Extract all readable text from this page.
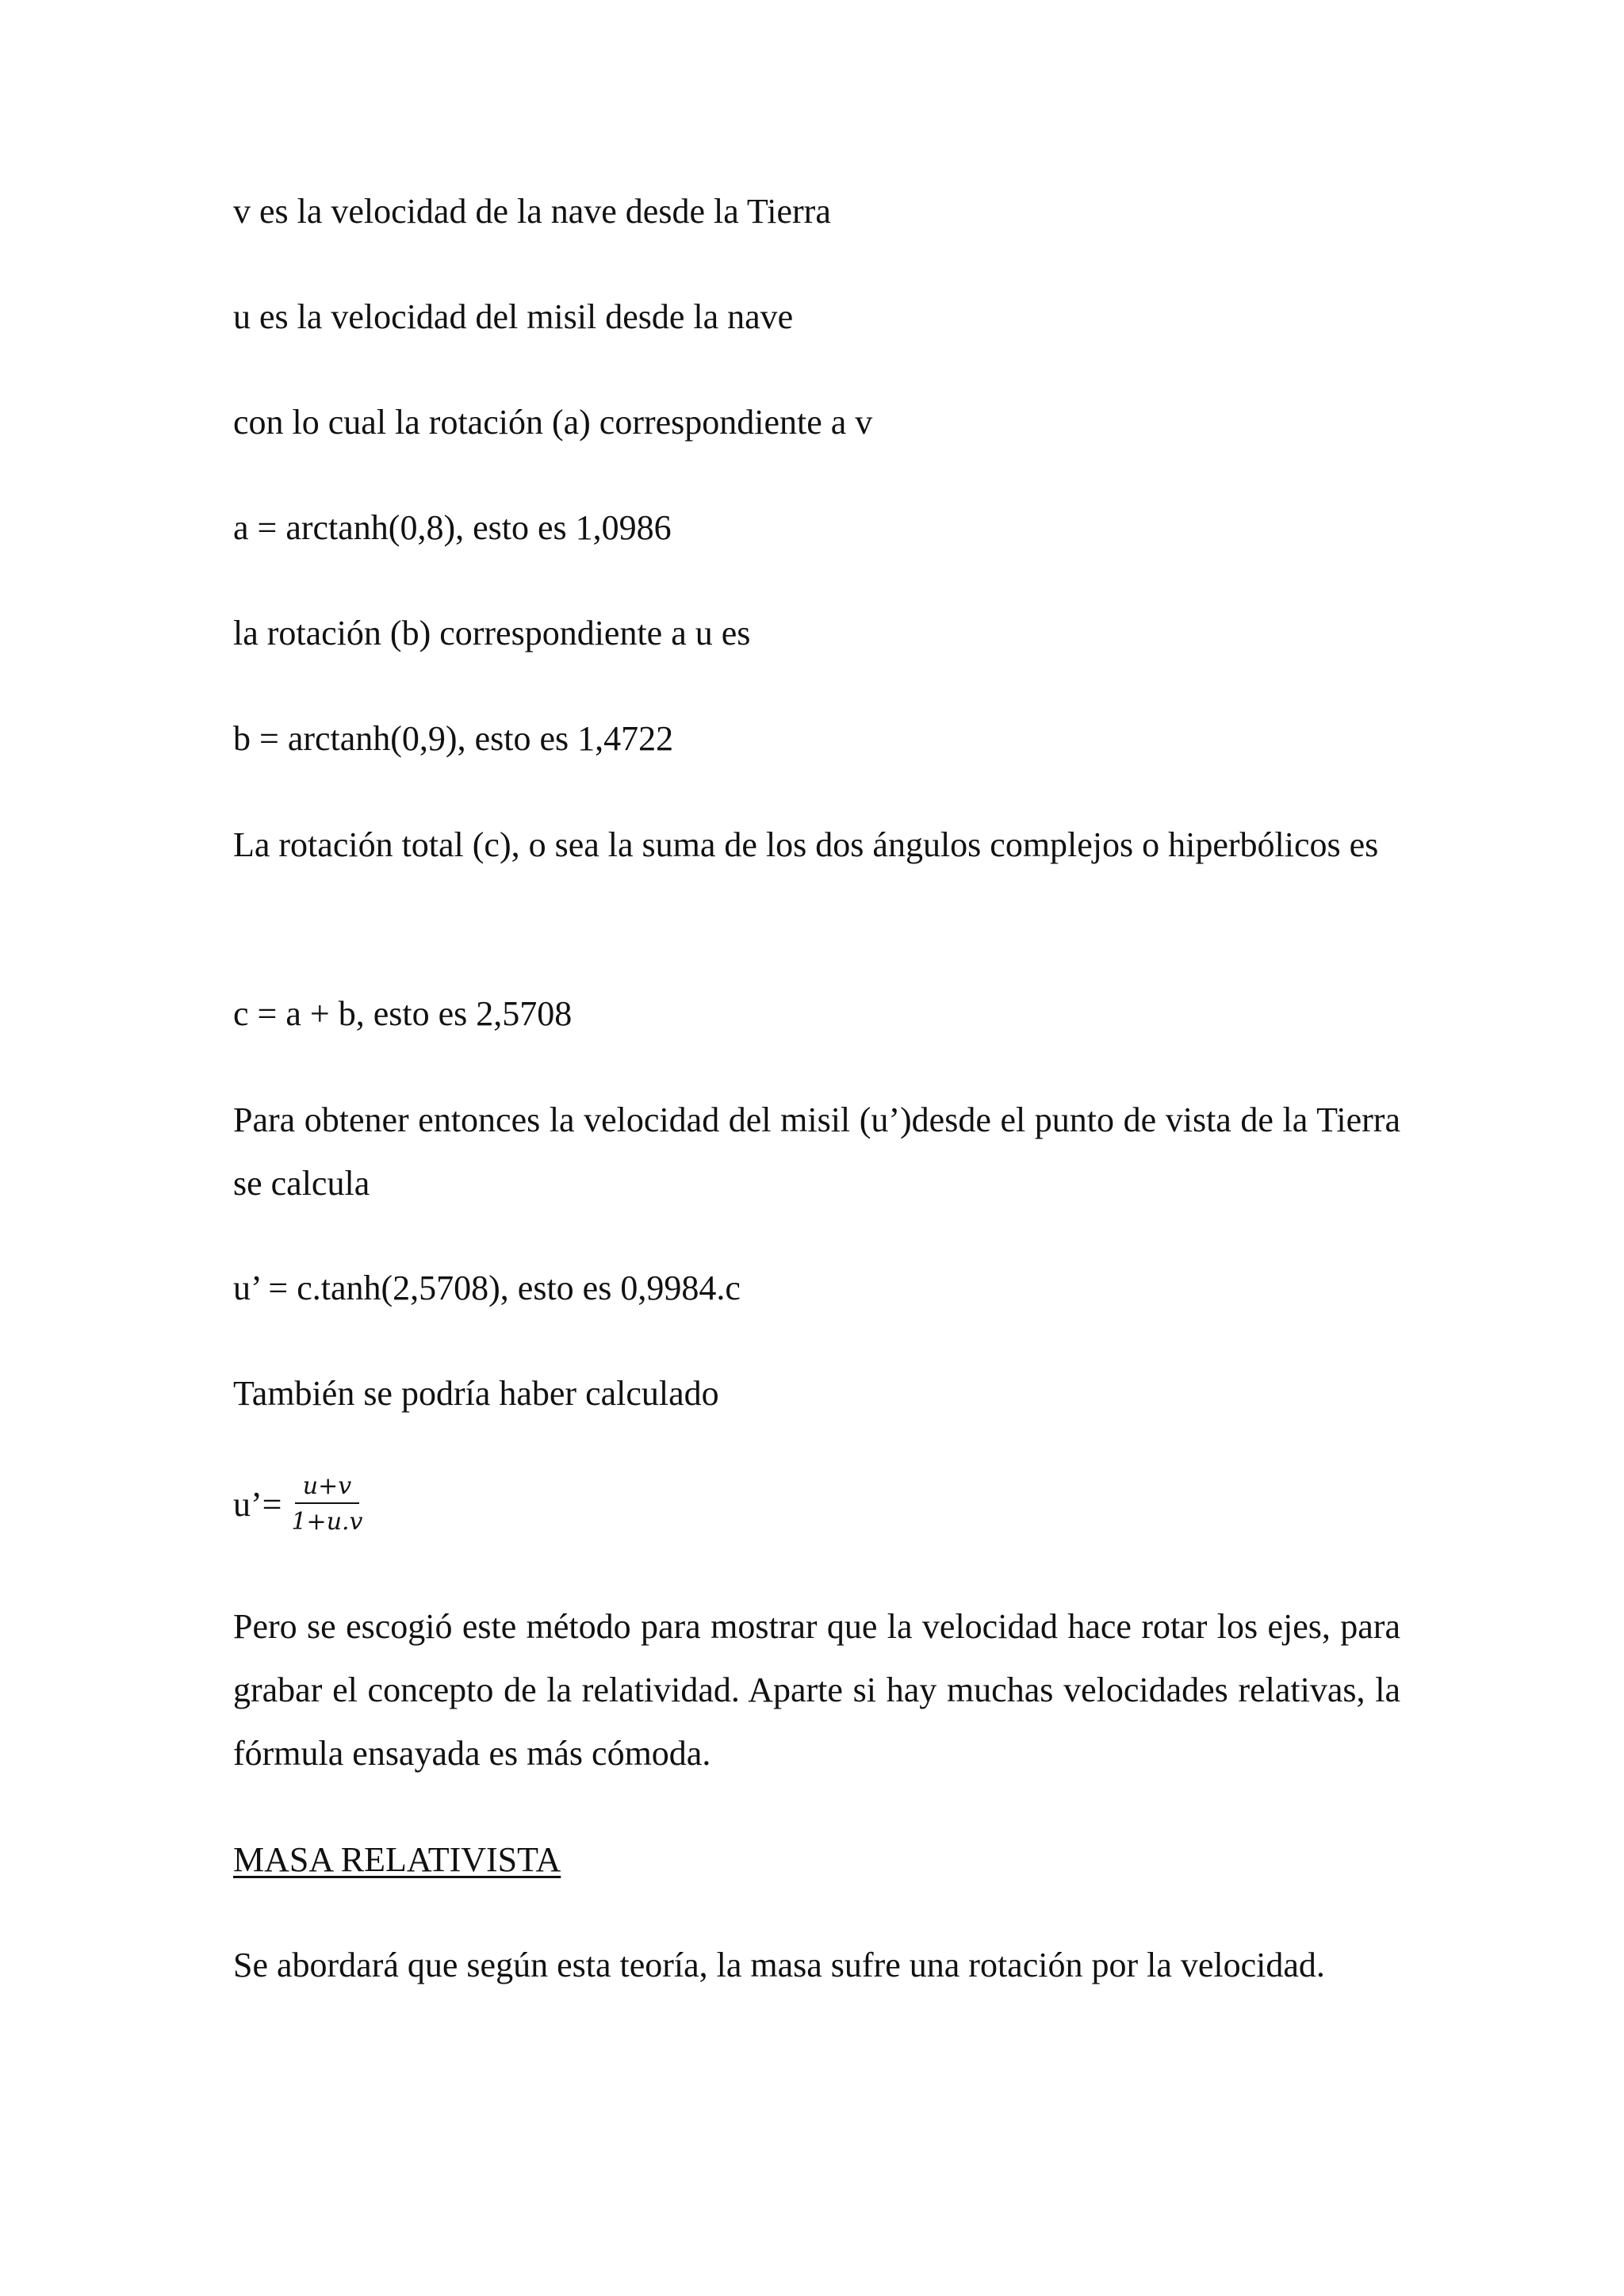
v es la velocidad de la nave desde la Tierra

u es la velocidad del misil desde la nave

con lo cual la rotación (a) correspondiente a v

a = arctanh(0,8), esto es 1,0986

la rotación (b) correspondiente a u es

b = arctanh(0,9), esto es 1,4722

La rotación total (c), o sea la suma de los dos ángulos complejos o hiperbólicos es

c = a + b, esto es 2,5708

Para obtener entonces la velocidad del misil (u’)desde el punto de vista de la Tierra se calcula

u’ = c.tanh(2,5708), esto es 0,9984.c

También se podría haber calculado

u’= $\frac{u+v}{1+u.v}$

Pero se escogió este método para mostrar que la velocidad hace rotar los ejes, para grabar el concepto de la relatividad. Aparte si hay muchas velocidades relativas, la fórmula ensayada es más cómoda.

MASA RELATIVISTA

Se abordará que según esta teoría, la masa sufre una rotación por la velocidad.
